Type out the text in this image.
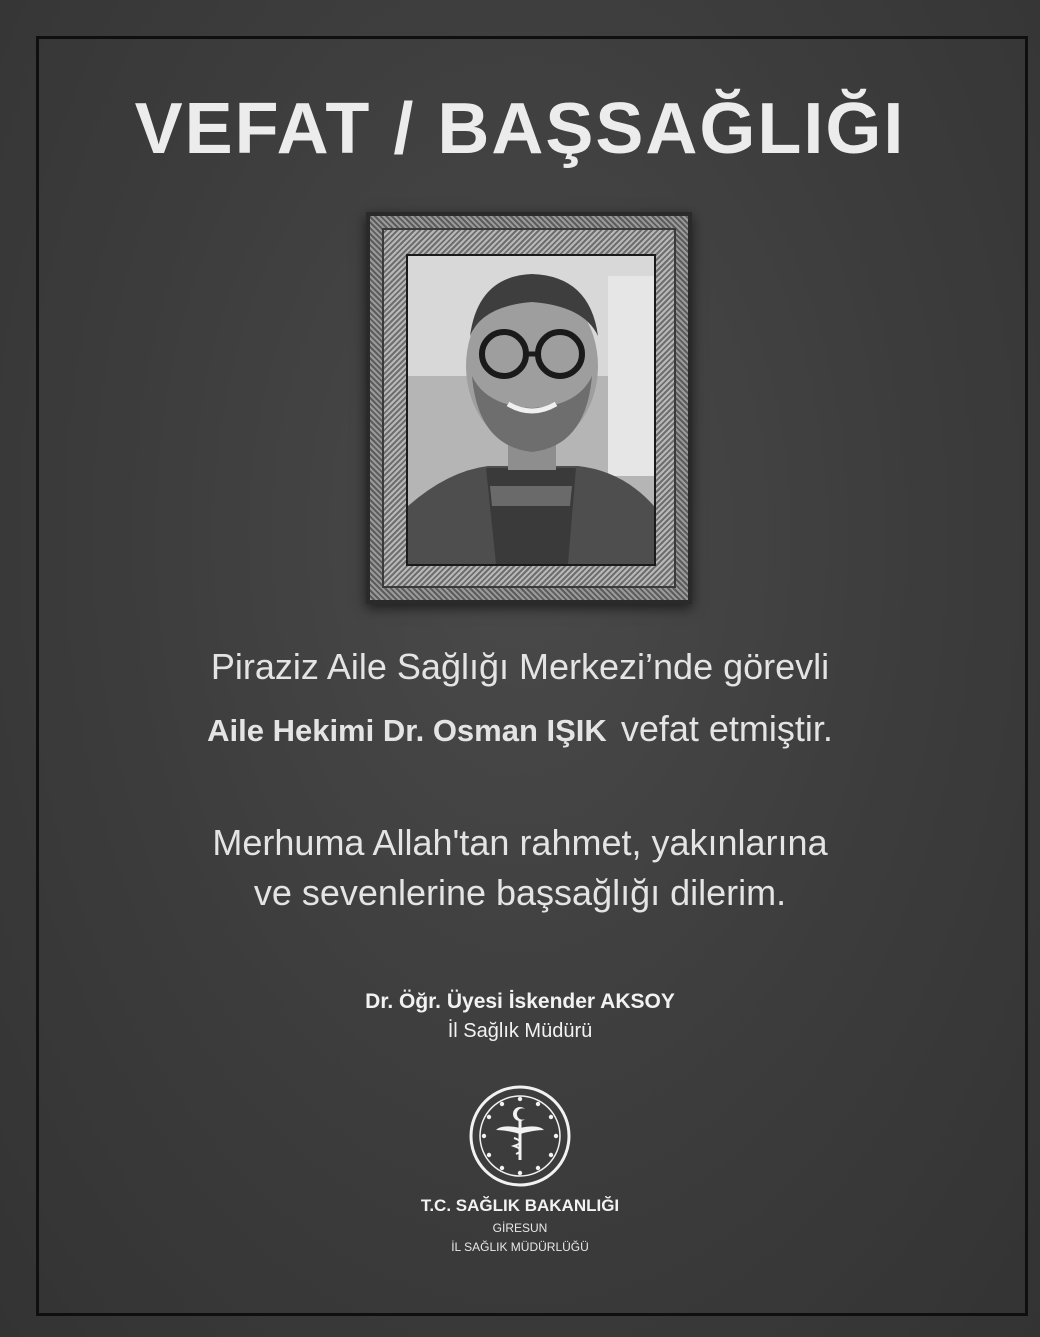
VEFAT / BAŞSAĞLIĞI
Piraziz Aile Sağlığı Merkezi’nde görevli
Aile Hekimi Dr. Osman IŞIK vefat etmiştir.
Merhuma Allah'tan rahmet, yakınlarına
ve sevenlerine başsağlığı dilerim.
Dr. Öğr. Üyesi İskender AKSOY
İl Sağlık Müdürü
T.C. SAĞLIK BAKANLIĞI
GİRESUN
İL SAĞLIK MÜDÜRLÜĞÜ
